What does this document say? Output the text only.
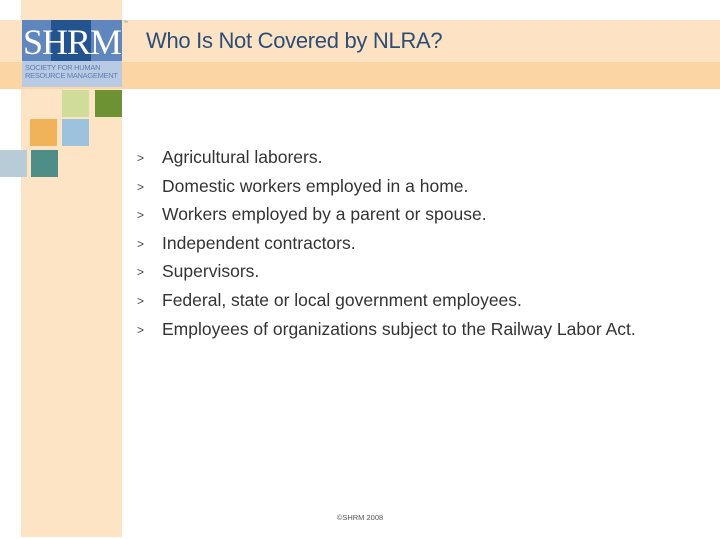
SHRM ™
SOCIETY FOR HUMAN
RESOURCE MANAGEMENT
Who Is Not Covered by NLRA?
> Agricultural laborers.
> Domestic workers employed in a home.
> Workers employed by a parent or spouse.
> Independent contractors.
> Supervisors.
> Federal, state or local government employees.
> Employees of organizations subject to the Railway Labor Act.
©SHRM 2008
